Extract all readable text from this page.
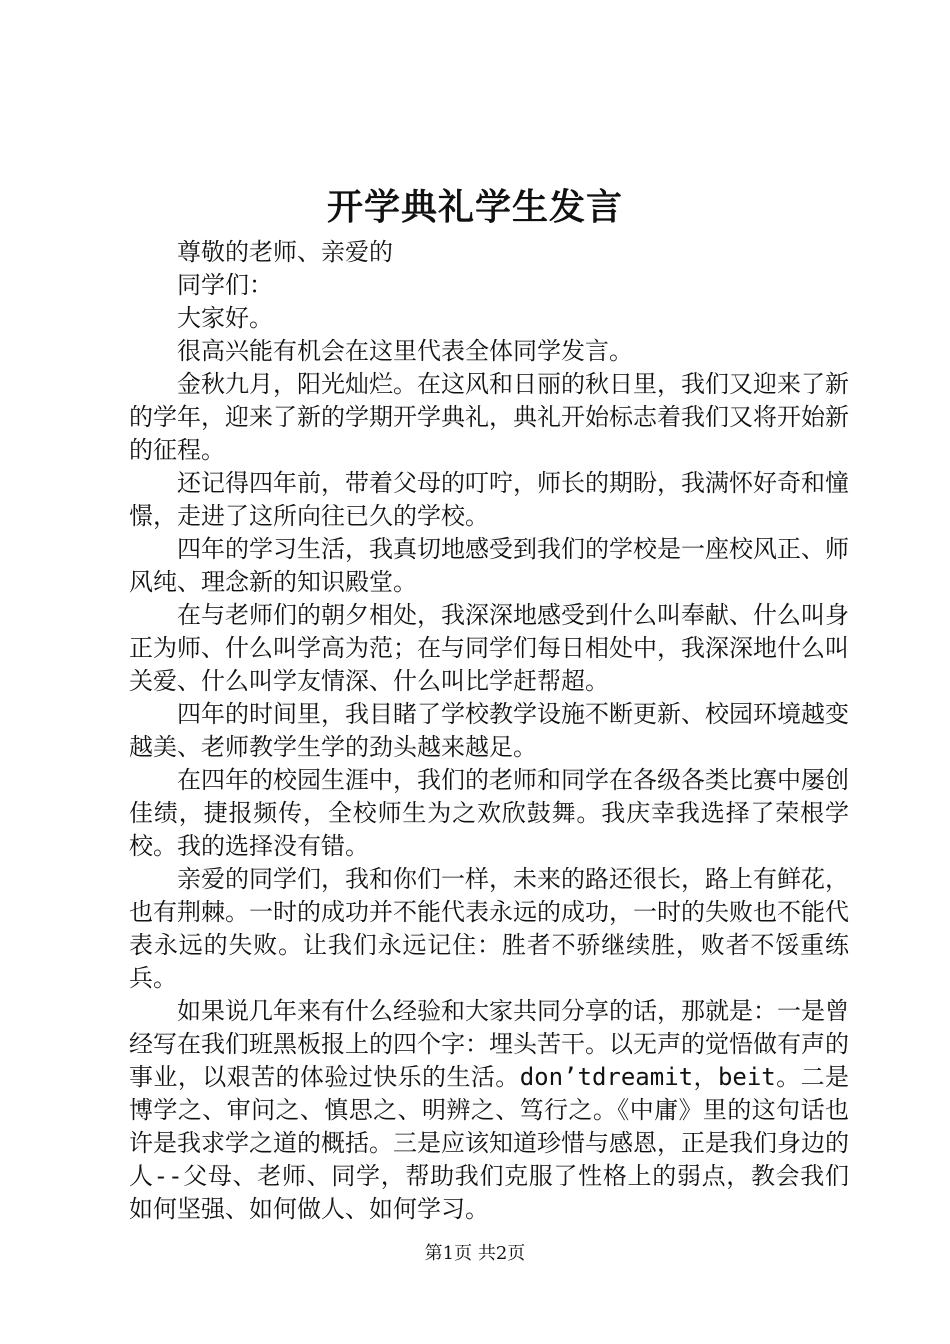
开学典礼学生发言

尊敬的老师、亲爱的

同学们：

大家好。

很高兴能有机会在这里代表全体同学发言。

金秋九月，阳光灿烂。在这风和日丽的秋日里，我们又迎来了新的学年，迎来了新的学期开学典礼，典礼开始标志着我们又将开始新的征程。

还记得四年前，带着父母的叮咛，师长的期盼，我满怀好奇和憧憬，走进了这所向往已久的学校。

四年的学习生活，我真切地感受到我们的学校是一座校风正、师风纯、理念新的知识殿堂。

在与老师们的朝夕相处，我深深地感受到什么叫奉献、什么叫身正为师、什么叫学高为范；在与同学们每日相处中，我深深地什么叫关爱、什么叫学友情深、什么叫比学赶帮超。

四年的时间里，我目睹了学校教学设施不断更新、校园环境越变越美、老师教学生学的劲头越来越足。

在四年的校园生涯中，我们的老师和同学在各级各类比赛中屡创佳绩，捷报频传，全校师生为之欢欣鼓舞。我庆幸我选择了荣根学校。我的选择没有错。

亲爱的同学们，我和你们一样，未来的路还很长，路上有鲜花，也有荆棘。一时的成功并不能代表永远的成功，一时的失败也不能代表永远的失败。让我们永远记住：胜者不骄继续胜，败者不馁重练兵。

如果说几年来有什么经验和大家共同分享的话，那就是：一是曾经写在我们班黑板报上的四个字：埋头苦干。以无声的觉悟做有声的事业，以艰苦的体验过快乐的生活。don’tdreamit，beit。二是博学之、审问之、慎思之、明辨之、笃行之。《中庸》里的这句话也许是我求学之道的概括。三是应该知道珍惜与感恩，正是我们身边的人--父母、老师、同学，帮助我们克服了性格上的弱点，教会我们如何坚强、如何做人、如何学习。

第1页 共2页
